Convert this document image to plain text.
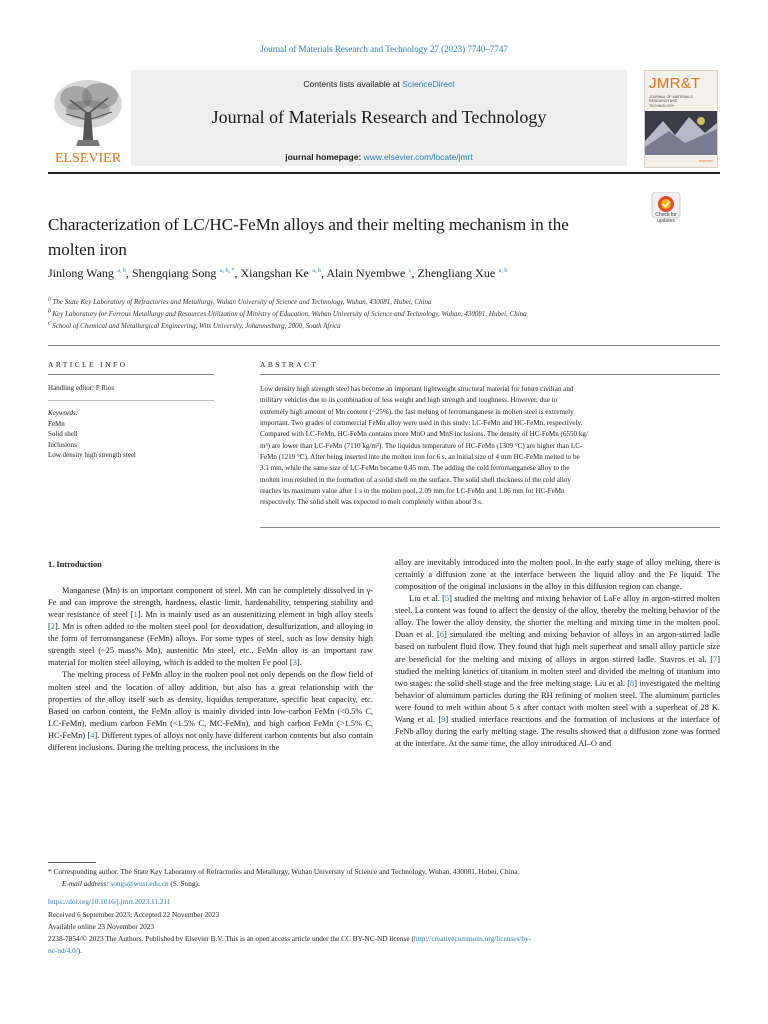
Journal of Materials Research and Technology 27 (2023) 7740–7747
ELSEVIER
Contents lists available at ScienceDirect
Journal of Materials Research and Technology
journal homepage: www.elsevier.com/locate/jmrt
JMR&T
JOURNAL OF MATERIALS RESEARCH AND TECHNOLOGY
elsevier
Characterization of LC/HC-FeMn alloys and their melting mechanism in the molten iron
Check for updates
Jinlong Wang $^{a, b}$, Shengqiang Song $^{a, b, *}$, Xiangshan Ke $^{a, b}$, Alain Nyembwe $^c$, Zhengliang Xue $^{a, b}$
a The State Key Laboratory of Refractories and Metallurgy, Wuhan University of Science and Technology, Wuhan, 430081, Hubei, China
b Key Laboratory for Ferrous Metallurgy and Resources Utilization of Ministry of Education, Wuhan University of Science and Technology, Wuhan, 430081, Hubei, China
c School of Chemical and Metallurgical Engineering, Wits University, Johannesburg, 2000, South Africa
ARTICLE INFO
Handling editor: P Rios
Keywords:
FeMn
Solid shell
Inclusions
Low density high strength steel
ABSTRACT
Low density high strength steel has become an important lightweight structural material for future civilian and
military vehicles due to its combination of less weight and high strength and toughness. However, due to
extremely high amount of Mn content (~25%), the fast melting of ferromanganese in molten steel is extremely
important. Two grades of commercial FeMn alloy were used in this study: LC-FeMn and HC-FeMn, respectively.
Compared with LC-FeMn, HC-FeMn contains more MnO and MnS inclusions. The density of HC-FeMn (6550 kg/
m³) are lower than LC-FeMn (7110 kg/m³). The liquidus temperature of HC-FeMn (1309 °C) are higher than LC-
FeMn (1219 °C). After being inserted into the molten iron for 6 s, an initial size of 4 mm HC-FeMn melted to be
3.1 mm, while the same size of LC-FeMn became 0.45 mm. The adding the cold ferromanganese alloy to the
molten iron resulted in the formation of a solid shell on the surface. The solid shell thickness of the cold alloy
reaches its maximum value after 1 s in the molten pool, 2.09 mm for LC-FeMn and 1.86 mm for HC-FeMn
respectively. The solid shell was expected to melt completely within about 3 s.
1. Introduction

Manganese (Mn) is an important component of steel. Mn can be completely dissolved in γ-Fe and can improve the strength, hardness, elastic limit, hardenability, tempering stability and wear resistance of steel [1]. Mn is mainly used as an austenitizing element in high alloy steels [2]. Mn is often added to the molten steel pool for deoxidation, desulfurization, and alloying in the form of ferromanganese (FeMn) alloys. For some types of steel, such as low density high strength steel (~25 mass% Mn), austenitic Mn steel, etc., FeMn alloy is an important raw material for molten steel alloying, which is added to the molten Fe pool [3].

The melting process of FeMn alloy in the molten pool not only depends on the flow field of molten steel and the location of alloy addition, but also has a great relationship with the properties of the alloy itself such as density, liquidus temperature, specific heat capacity, etc. Based on carbon content, the FeMn alloy is mainly divided into low-carbon FeMn (<0.5% C, LC-FeMn), medium carbon FeMn (<1.5% C, MC-FeMn), and high carbon FeMn (>1.5% C, HC-FeMn) [4]. Different types of alloys not only have different carbon contents but also contain different inclusions. During the melting process, the inclusions in the

alloy are inevitably introduced into the molten pool. In the early stage of alloy melting, there is certainly a diffusion zone at the interface between the liquid alloy and the Fe liquid. The composition of the original inclusions in the alloy in this diffusion region can change.

Liu et al. [5] studied the melting and mixing behavior of LaFe alloy in argon-stirred molten steel. La content was found to affect the density of the alloy, thereby the melting behavior of the alloy. The lower the alloy density, the shorter the melting and mixing time in the molten pool. Duan et al. [6] simulated the melting and mixing behavior of alloys in an argon-stirred ladle based on turbulent fluid flow. They found that high melt superheat and small alloy particle size are beneficial for the melting and mixing of alloys in argon stirred ladle. Stavros et al. [7] studied the melting kinetics of titanium in molten steel and divided the melting of titanium into two stages: the solid shell stage and the free melting stage. Liu et al. [8] investigated the melting behavior of aluminum particles during the RH refining of molten steel. The aluminum particles were found to melt within about 5 s after contact with molten steel with a superheat of 28 K. Wang et al. [9] studied interface reactions and the formation of inclusions at the interface of FeNb alloy during the early melting stage. The results showed that a diffusion zone was formed at the interface. At the same time, the alloy introduced Al–O and

* Corresponding author. The State Key Laboratory of Refractories and Metallurgy, Wuhan University of Science and Technology, Wuhan, 430081, Hubei, China.
E-mail address: songs@wust.edu.cn (S. Song).
https://doi.org/10.1016/j.jmrt.2023.11.211
Received 6 September 2023; Accepted 22 November 2023
Available online 23 November 2023
2238-7854/© 2023 The Authors. Published by Elsevier B.V. This is an open access article under the CC BY-NC-ND license (http://creativecommons.org/licenses/by-
nc-nd/4.0/).
